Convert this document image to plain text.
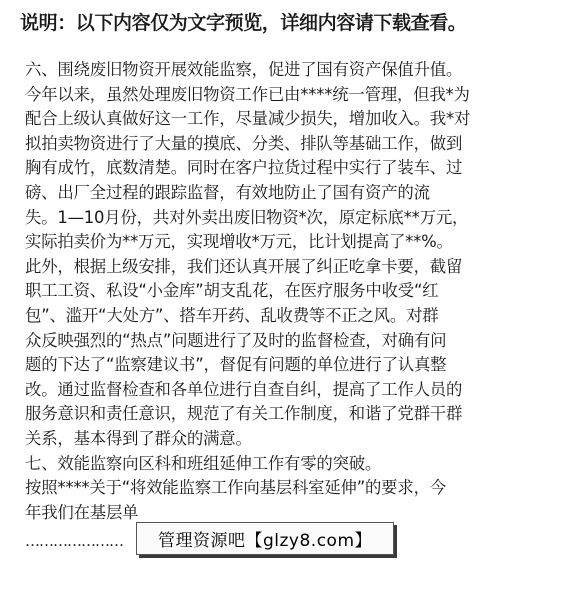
说明：以下内容仅为文字预览，详细内容请下载查看。
六、围绕废旧物资开展效能监察，促进了国有资产保值升值。
今年以来，虽然处理废旧物资工作已由****统一管理，但我*为
配合上级认真做好这一工作，尽量减少损失，增加收入。我*对
拟拍卖物资进行了大量的摸底、分类、排队等基础工作，做到
胸有成竹，底数清楚。同时在客户拉货过程中实行了装车、过
磅、出厂全过程的跟踪监督，有效地防止了国有资产的流
失。1—10月份，共对外卖出废旧物资*次，原定标底**万元，
实际拍卖价为**万元，实现增收*万元，比计划提高了**%。
此外，根据上级安排，我们还认真开展了纠正吃拿卡要，截留
职工工资、私设“小金库”胡支乱花，在医疗服务中收受“红
包”、滥开“大处方”、搭车开药、乱收费等不正之风。对群
众反映强烈的“热点”问题进行了及时的监督检查，对确有问
题的下达了“监察建议书”，督促有问题的单位进行了认真整
改。通过监督检查和各单位进行自查自纠，提高了工作人员的
服务意识和责任意识，规范了有关工作制度，和谐了党群干群
关系，基本得到了群众的满意。
七、效能监察向区科和班组延伸工作有零的突破。
按照****关于“将效能监察工作向基层科室延伸”的要求，今
年我们在基层单
…………………	管理资源吧【glzy8.com】
